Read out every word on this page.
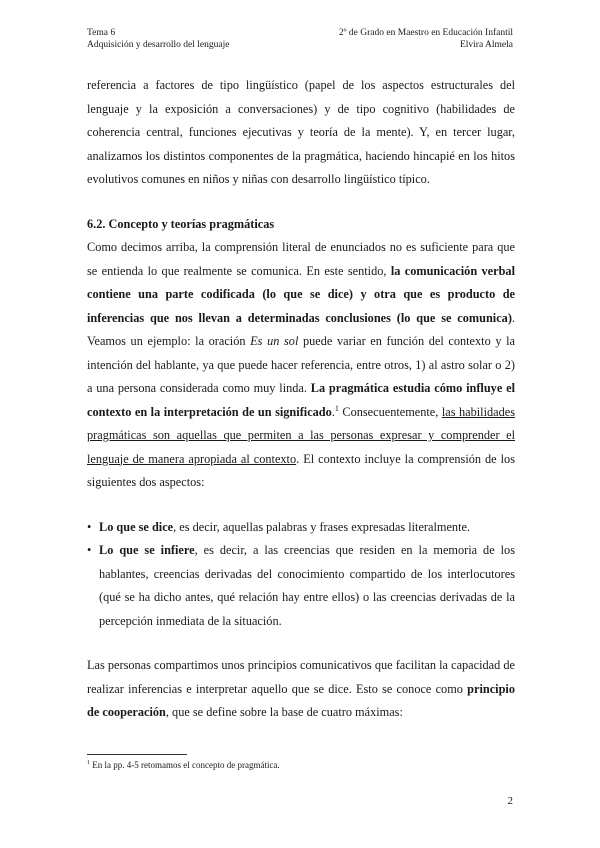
Tema 6
Adquisición y desarrollo del lenguaje
2º de Grado en Maestro en Educación Infantil
Elvira Almela

referencia a factores de tipo lingüístico (papel de los aspectos estructurales del lenguaje y la exposición a conversaciones) y de tipo cognitivo (habilidades de coherencia central, funciones ejecutivas y teoría de la mente). Y, en tercer lugar, analizamos los distintos componentes de la pragmática, haciendo hincapié en los hitos evolutivos comunes en niños y niñas con desarrollo lingüístico típico.

6.2. Concepto y teorías pragmáticas

Como decimos arriba, la comprensión literal de enunciados no es suficiente para que se entienda lo que realmente se comunica. En este sentido, la comunicación verbal contiene una parte codificada (lo que se dice) y otra que es producto de inferencias que nos llevan a determinadas conclusiones (lo que se comunica). Veamos un ejemplo: la oración Es un sol puede variar en función del contexto y la intención del hablante, ya que puede hacer referencia, entre otros, 1) al astro solar o 2) a una persona considerada como muy linda. La pragmática estudia cómo influye el contexto en la interpretación de un significado.$^1$ Consecuentemente, las habilidades pragmáticas son aquellas que permiten a las personas expresar y comprender el lenguaje de manera apropiada al contexto. El contexto incluye la comprensión de los siguientes dos aspectos:

• Lo que se dice, es decir, aquellas palabras y frases expresadas literalmente.
• Lo que se infiere, es decir, a las creencias que residen en la memoria de los hablantes, creencias derivadas del conocimiento compartido de los interlocutores (qué se ha dicho antes, qué relación hay entre ellos) o las creencias derivadas de la percepción inmediata de la situación.

Las personas compartimos unos principios comunicativos que facilitan la capacidad de realizar inferencias e interpretar aquello que se dice. Esto se conoce como principio de cooperación, que se define sobre la base de cuatro máximas:

$^1$ En la pp. 4-5 retomamos el concepto de pragmática.
2
